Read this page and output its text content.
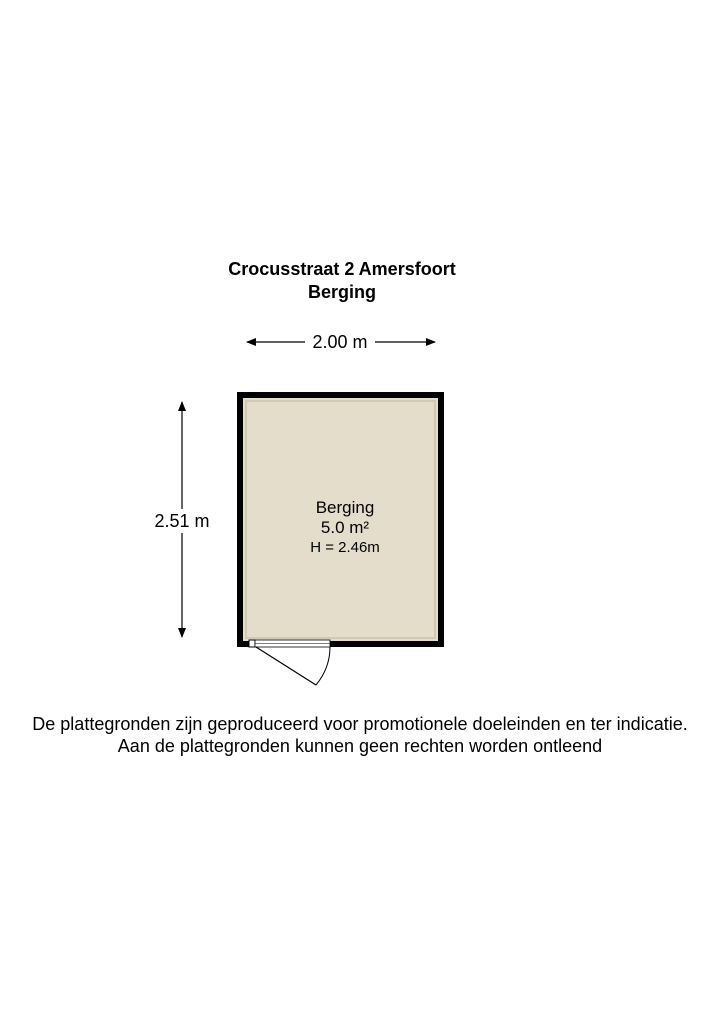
Crocusstraat 2 Amersfoort
Berging
2.00 m
2.51 m
Berging
5.0 m²
H = 2.46m
De plattegronden zijn geproduceerd voor promotionele doeleinden en ter indicatie.
Aan de plattegronden kunnen geen rechten worden ontleend
